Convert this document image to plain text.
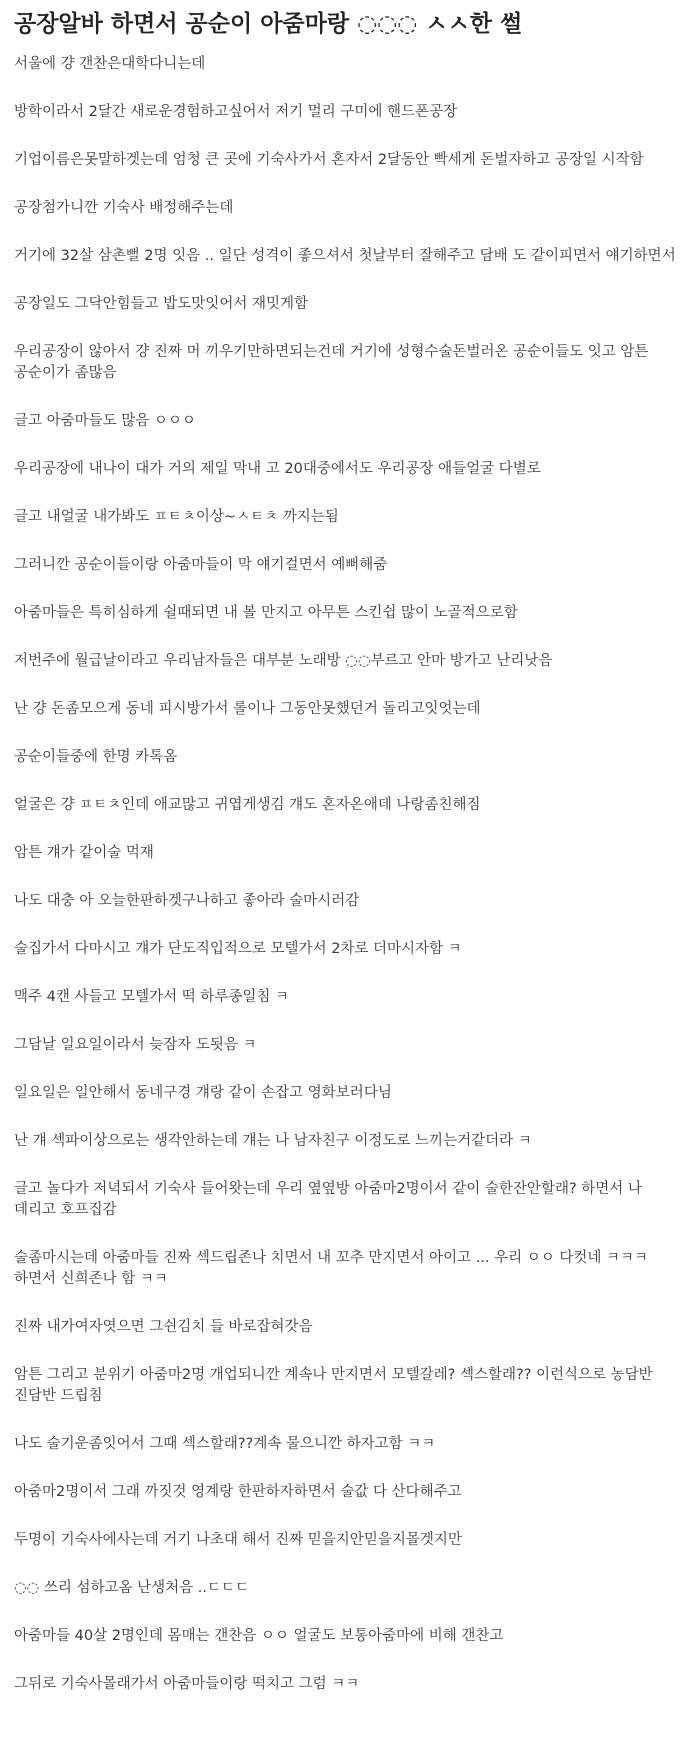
공장알바 하면서 공순이 아줌마랑 ◌◌◌ ㅅㅅ한 썰

서울에 걍 갠찬은대학다니는데

방학이라서 2달간 새로운경험하고싶어서 저기 멀리 구미에 핸드폰공장

기업이름은못말하겟는데 엄청 큰 곳에 기숙사가서 혼자서 2달동안 빡세게 돈벌자하고 공장일 시작함

공장첨가니깐 기숙사 배정해주는데

거기에 32살 삼촌뻘 2명 잇음 .. 일단 성격이 좋으셔서 첫날부터 잘해주고 담배 도 같이피면서 얘기하면서

공장일도 그닥안힘들고 밥도맛잇어서 재밋게함

우리공장이 않아서 걍 진짜 머 끼우기만하면되는건데 거기에 성형수술돈벌러온 공순이들도 잇고 암튼 공순이가 좀많음

글고 아줌마들도 많음 ㅇㅇㅇ

우리공장에 내나이 대가 거의 제일 막내 고 20대중에서도 우리공장 애들얼굴 다별로

글고 내얼굴 내가봐도 ㅍㅌㅊ이상~ㅅㅌㅊ 까지는됨

그러니깐 공순이들이랑 아줌마들이 막 얘기걸면서 예뻐해줌

아줌마들은 특히심하게 쉴때되면 내 볼 만지고 아무튼 스킨쉽 많이 노골적으로함

저번주에 월급날이라고 우리남자들은 대부분 노래방 ◌◌부르고 안마 방가고 난리낫음

난 걍 돈좀모으게 동네 피시방가서 롤이나 그동안못했던거 돌리고잇엇는데

공순이들중에 한명 카톡옴

얼굴은 걍 ㅍㅌㅊ인데 애교많고 귀엽게생김 걔도 혼자온애데 나랑좀친해짐

암튼 걔가 같이술 먹재

나도 대충 아 오늘한판하겟구나하고 좋아라 술마시러감

술집가서 다마시고 걔가 단도직입적으로 모텔가서 2차로 더마시자함 ㅋ

맥주 4캔 사들고 모텔가서 떡 하루종일침 ㅋ

그담날 일요일이라서 늦잠자 도됫음 ㅋ

일요일은 일안해서 동네구경 걔랑 같이 손잡고 영화보러다님

난 걔 섹파이상으로는 생각안하는데 걔는 나 남자친구 이정도로 느끼는거같더라 ㅋ

글고 놀다가 저녁되서 기숙사 들어왓는데 우리 옆옆방 아줌마2명이서 같이 술한잔안할래? 하면서 나 데리고 호프집감

술좀마시는데 아줌마들 진짜 섹드립존나 치면서 내 꼬추 만지면서 아이고 ... 우리 ㅇㅇ 다컷네 ㅋㅋㅋ 하면서 신희존나 함 ㅋㅋ

진짜 내가여자엿으면 그쉰김치 들 바로잡혀갓음

암튼 그리고 분위기 아줌마2명 개업되니깐 계속나 만지면서 모텔갈레? 섹스할래?? 이런식으로 농담반 진담반 드립침

나도 술기운좀잇어서 그때 섹스할래??계속 물으니깐 하자고함 ㅋㅋ

아줌마2명이서 그래 까짓것 영계랑 한판하자하면서 술값 다 산다해주고

두명이 기숙사에사는데 거기 나초대 해서 진짜 믿을지안믿을지몰겟지만

◌◌ 쓰리 섬하고옴 난생처음 ..ㄷㄷㄷ

아줌마들 40살 2명인데 몸매는 갠찬음 ㅇㅇ 얼굴도 보통아줌마에 비해 갠찬고

그뒤로 기숙사몰래가서 아줌마들이랑 떡치고 그럼 ㅋㅋ
